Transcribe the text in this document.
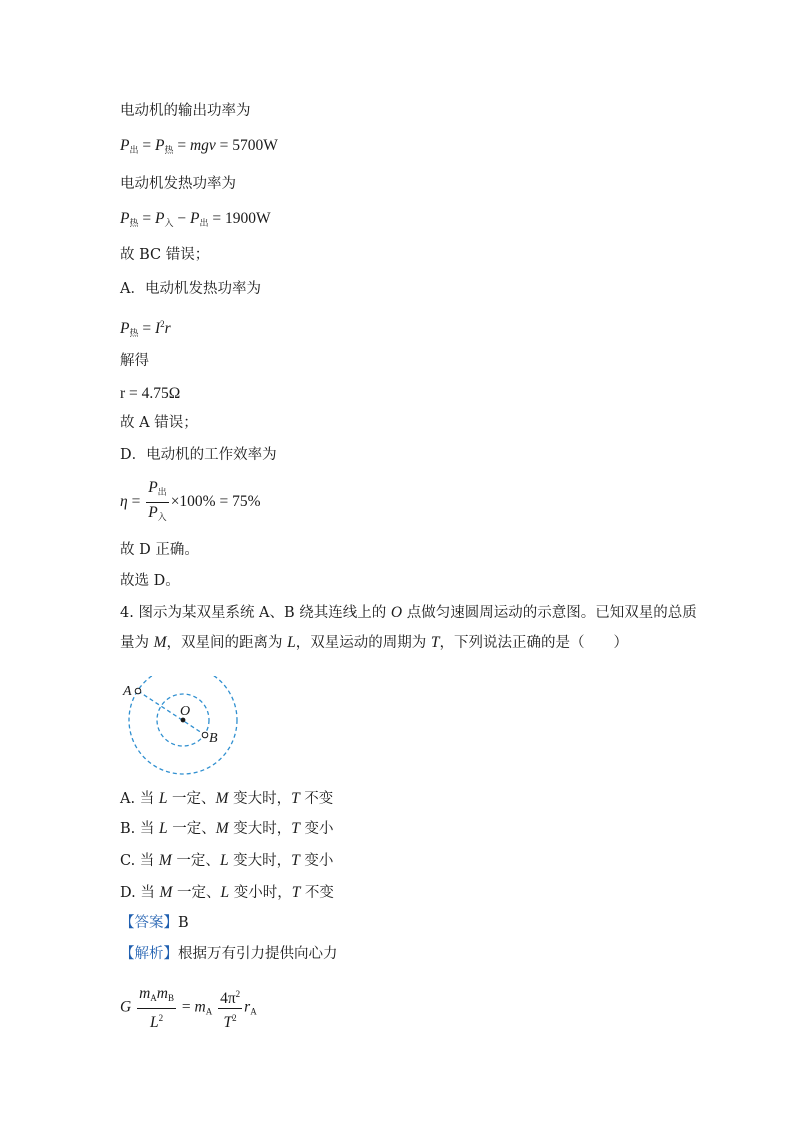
电动机的输出功率为
$P_出 = P_热$ = mgv = 5700W
电动机发热功率为
$P_热 = P_入 - P_出 = 1900W$
故 BC 错误；
A．电动机发热功率为
$P_热 = I^2r$
解得
r = 4.75Ω
故 A 错误；
D．电动机的工作效率为
$\eta = \frac{P_出}{P_入} \times 100\% = 75\%$
故 D 正确。
故选 D。
4. 图示为某双星系统 A、B 绕其连线上的 O 点做匀速圆周运动的示意图。已知双星的总质
量为 M，双星间的距离为 L，双星运动的周期为 T，下列说法正确的是（　　）
A
O
B
A. 当 L 一定、M 变大时，T 不变
B. 当 L 一定、M 变大时，T 变小
C. 当 M 一定、L 变大时，T 变小
D. 当 M 一定、L 变小时，T 不变
【答案】B
【解析】根据万有引力提供向心力
G $\frac{m_Am_B}{L^2} = m_A \frac{4\pi^2}{T^2} r_A$
